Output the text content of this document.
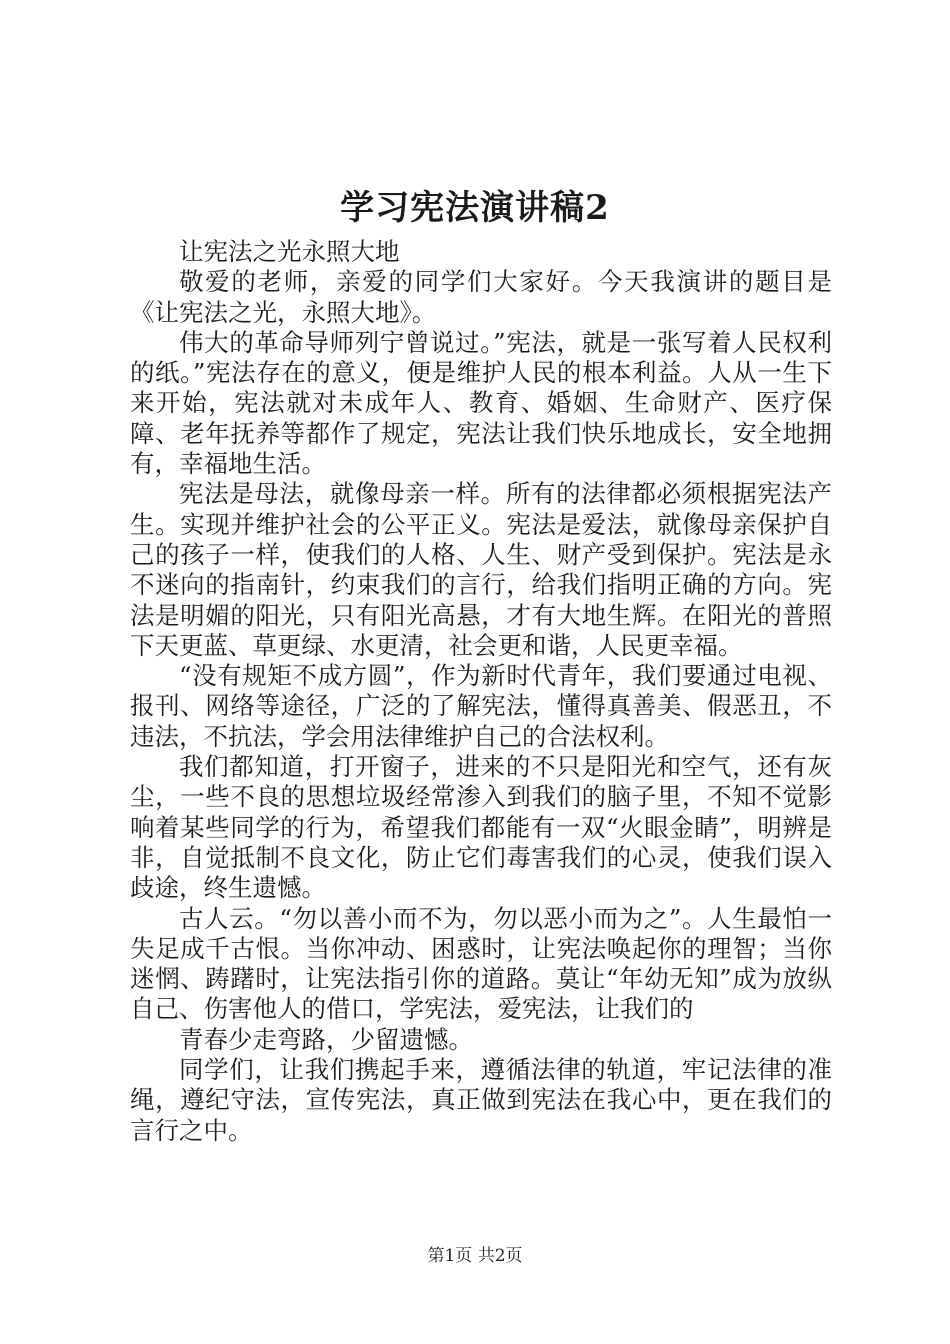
学习宪法演讲稿2

让宪法之光永照大地

敬爱的老师，亲爱的同学们大家好。今天我演讲的题目是《让宪法之光，永照大地》。

伟大的革命导师列宁曾说过。”宪法，就是一张写着人民权利的纸。”宪法存在的意义，便是维护人民的根本利益。人从一生下来开始，宪法就对未成年人、教育、婚姻、生命财产、医疗保障、老年抚养等都作了规定，宪法让我们快乐地成长，安全地拥有，幸福地生活。

宪法是母法，就像母亲一样。所有的法律都必须根据宪法产生。实现并维护社会的公平正义。宪法是爱法，就像母亲保护自己的孩子一样，使我们的人格、人生、财产受到保护。宪法是永不迷向的指南针，约束我们的言行，给我们指明正确的方向。宪法是明媚的阳光，只有阳光高悬，才有大地生辉。在阳光的普照下天更蓝、草更绿、水更清，社会更和谐，人民更幸福。

“没有规矩不成方圆”，作为新时代青年，我们要通过电视、报刊、网络等途径，广泛的了解宪法，懂得真善美、假恶丑，不违法，不抗法，学会用法律维护自己的合法权利。

我们都知道，打开窗子，进来的不只是阳光和空气，还有灰尘，一些不良的思想垃圾经常渗入到我们的脑子里，不知不觉影响着某些同学的行为，希望我们都能有一双“火眼金睛”，明辨是非，自觉抵制不良文化，防止它们毒害我们的心灵，使我们误入歧途，终生遗憾。

古人云。“勿以善小而不为，勿以恶小而为之”。人生最怕一失足成千古恨。当你冲动、困惑时，让宪法唤起你的理智；当你迷惘、踌躇时，让宪法指引你的道路。莫让“年幼无知”成为放纵自己、伤害他人的借口，学宪法，爱宪法，让我们的

青春少走弯路，少留遗憾。

同学们，让我们携起手来，遵循法律的轨道，牢记法律的准绳，遵纪守法，宣传宪法，真正做到宪法在我心中，更在我们的言行之中。

第1页 共2页
